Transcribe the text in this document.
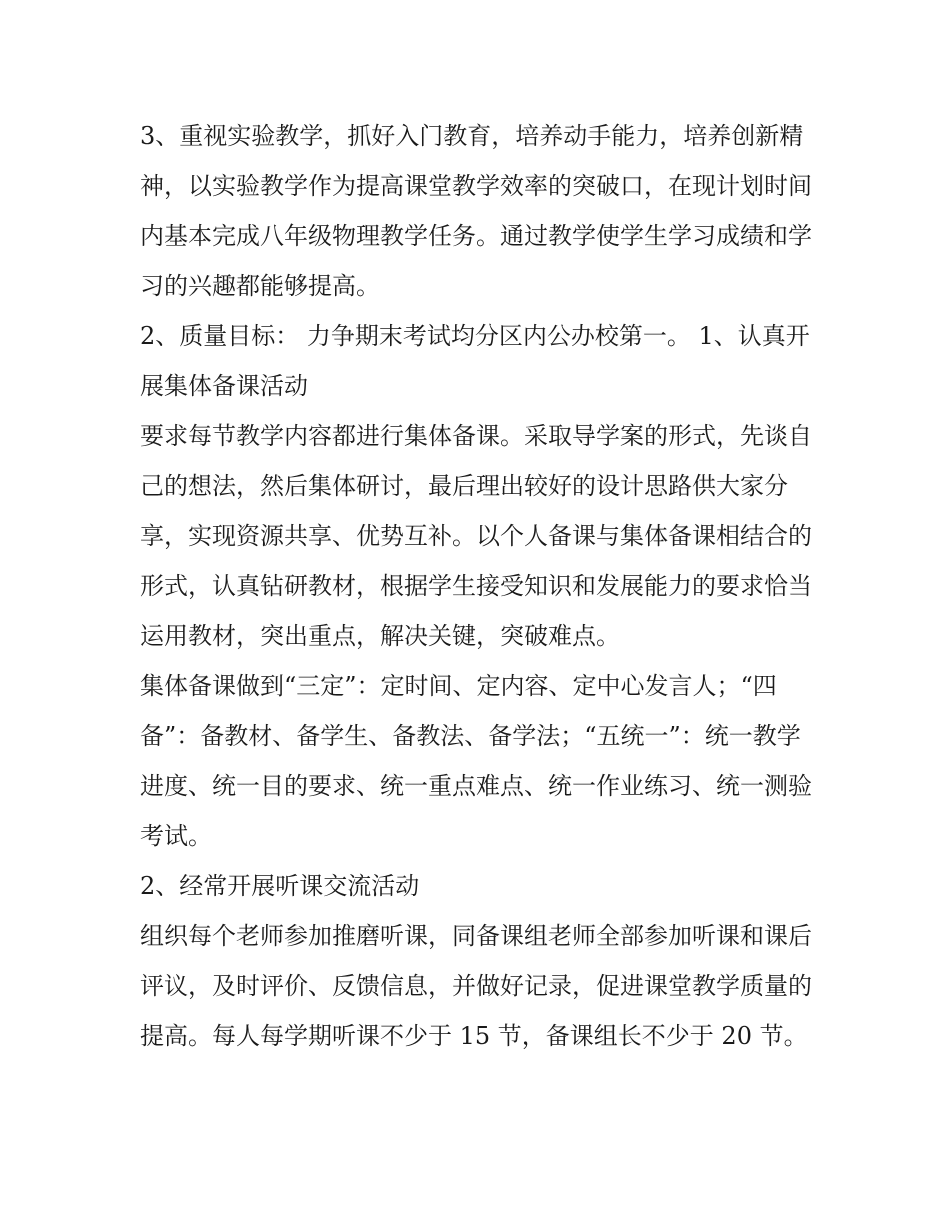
3、重视实验教学，抓好入门教育，培养动手能力，培养创新精神，以实验教学作为提高课堂教学效率的突破口，在现计划时间内基本完成八年级物理教学任务。通过教学使学生学习成绩和学习的兴趣都能够提高。

2、质量目标： 力争期末考试均分区内公办校第一。 1、认真开展集体备课活动

要求每节教学内容都进行集体备课。采取导学案的形式，先谈自己的想法，然后集体研讨，最后理出较好的设计思路供大家分享，实现资源共享、优势互补。以个人备课与集体备课相结合的形式，认真钻研教材，根据学生接受知识和发展能力的要求恰当运用教材，突出重点，解决关键，突破难点。

集体备课做到“三定”：定时间、定内容、定中心发言人；“四备”：备教材、备学生、备教法、备学法；“五统一”：统一教学进度、统一目的要求、统一重点难点、统一作业练习、统一测验考试。

2、经常开展听课交流活动

组织每个老师参加推磨听课，同备课组老师全部参加听课和课后评议，及时评价、反馈信息，并做好记录，促进课堂教学质量的提高。每人每学期听课不少于 15 节，备课组长不少于 20 节。
